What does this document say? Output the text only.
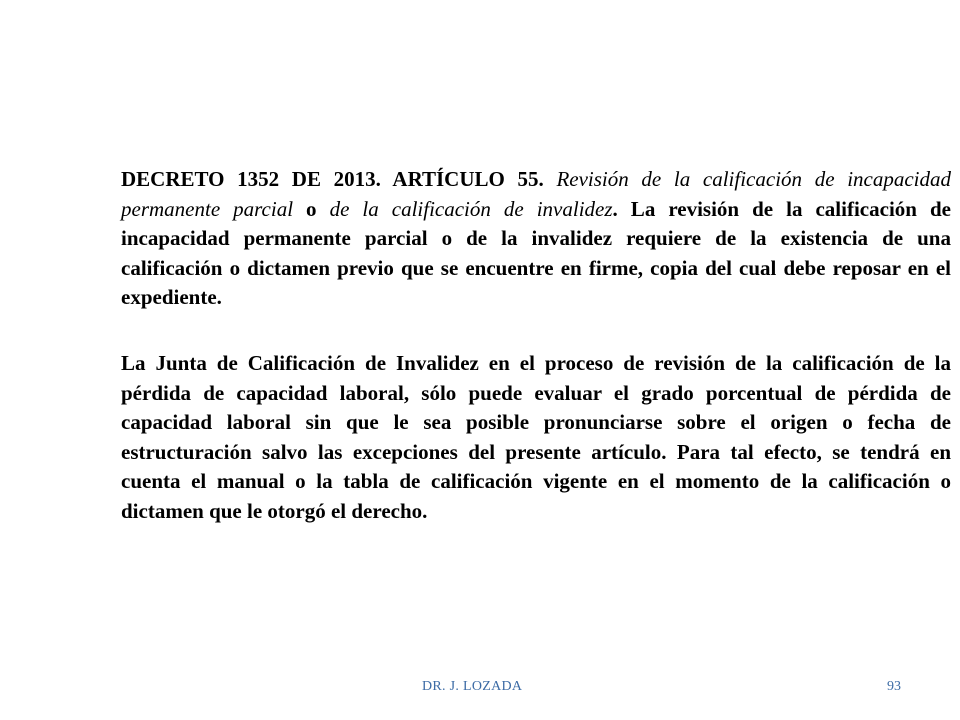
DECRETO 1352 DE 2013. ARTÍCULO 55. Revisión de la calificación de incapacidad permanente parcial o de la calificación de invalidez. La revisión de la calificación de incapacidad permanente parcial o de la invalidez requiere de la existencia de una calificación o dictamen previo que se encuentre en firme, copia del cual debe reposar en el expediente.

La Junta de Calificación de Invalidez en el proceso de revisión de la calificación de la pérdida de capacidad laboral, sólo puede evaluar el grado porcentual de pérdida de capacidad laboral sin que le sea posible pronunciarse sobre el origen o fecha de estructuración salvo las excepciones del presente artículo. Para tal efecto, se tendrá en cuenta el manual o la tabla de calificación vigente en el momento de la calificación o dictamen que le otorgó el derecho.

DR. J. LOZADA	93
